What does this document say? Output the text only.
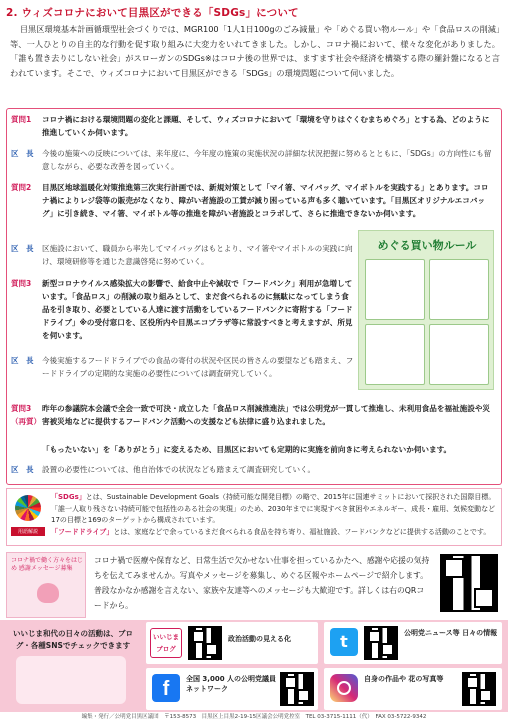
2. ウィズコロナにおいて目黒区ができる「SDGs」について
目黒区環境基本計画循環型社会づくりでは、MGR100「1人1日100gのごみ減量」や「めぐる買い物ルール」や「食品ロスの削減」等、一人ひとりの自主的な行動を促す取り組みに大変力をいれてきました。しかし、コロナ禍において、様々な変化がありました。「誰も置き去りにしない社会」がスローガンのSDGs※はコロナ後の世界では、ますます社会や経済を構築する際の羅針盤になると言われています。そこで、ウィズコロナにおいて目黒区ができる「SDGs」の環境問題について伺いました。
質問1 コロナ禍における環境問題の変化と課題、そして、ウィズコロナにおいて「環境を守りはぐくむまちめぐろ」とする為、どのように推進していくか伺います。
区　長 今後の施策への反映については、来年度に、今年度の施策の実施状況の詳細な状況把握に努めるとともに、「SDGs」の方向性にも留意しながら、必要な改善を図っていく。
質問2 目黒区地球温暖化対策推進第三次実行計画では、新規対策として「マイ箸、マイバッグ、マイボトルを実践する」とあります。コロナ禍によりレジ袋等の販売がなくなり、障がい者施設の工賃が減り困っている声も多く聴いています。「目黒区オリジナルエコバッグ」に引き続き、マイ箸、マイボトル等の推進を障がい者施設とコラボして、さらに推進できないか伺います。
区　長 区施設において、職員から率先してマイバッグはもとより、マイ箸やマイボトルの実践に向け、環境研修等を通じた意識啓発に努めていく。
質問3 新型コロナウイルス感染拡大の影響で、給食中止や減収で「フードバンク」利用が急増しています。「食品ロス」の削減の取り組みとして、まだ食べられるのに無駄になってしまう食品を引き取り、必要としている人達に渡す活動をしているフードバンクに寄附する「フードドライブ」※の受付窓口を、区役所内や目黒エコプラザ等に常設すべきと考えますが、所見を伺います。
区　長 今後実施するフードドライブでの食品の寄付の状況や区民の皆さんの要望なども踏まえ、フードドライブの定期的な実施の必要性については調査研究していく。
質問3（再質）
昨年の参議院本会議で全会一致で可決・成立した「食品ロス削減推進法」では公明党が一貫して推進し、未利用食品を福祉施設や災害被災地などに提供するフードバンク活動への支援なども法律に盛り込まれました。
「もったいない」を「ありがとう」に変えるため、目黒区においても定期的に実施を前向きに考えられないか伺います。
区　長 設置の必要性については、他自治体での状況なども踏まえて調査研究していく。
めぐる買い物ルール
用語解説
「SDGs」とは、Sustainable Development Goals（持続可能な開発目標）の略で、2015年に国連サミットにおいて採択された国際目標。「誰一人取り残さない持続可能で包括性のある社会の実現」のため、2030年までに実現すべき貧困やエネルギー、成長・雇用、気候変動など17の目標と169のターゲットから構成されています。
「フードドライブ」とは、家庭などで余っているまだ食べられる食品を持ち寄り、福祉施設、フードバンクなどに提供する活動のことです。
コロナ禍で働く方々をはじめ 感謝メッセージ募集
コロナ禍で医療や保育など、日常生活で欠かせない仕事を担っているかたへ、感謝や応援の気持ちを伝えてみませんか。写真やメッセージを募集し、めぐる区報やホームページで紹介します。普段なかなか感謝を言えない、家族や友達等へのメッセージも大歓迎です。詳しくは右のQRコードから。
いいじま和代の日々の活動は、ブログ・各種SNSでチェックできます
いいじま ブログ
政治活動の見える化	t	公明党ニュース等 日々の情報
f	全国 3,000 人の公明党議員 ネットワーク
自身の作品や 花の写真等
編集・発行／公明党目黒区議団　〒153-8573　目黒区上目黒2-19-15区議会公明党控室　TEL 03-3715-1111（代）　FAX 03-5722-9342
